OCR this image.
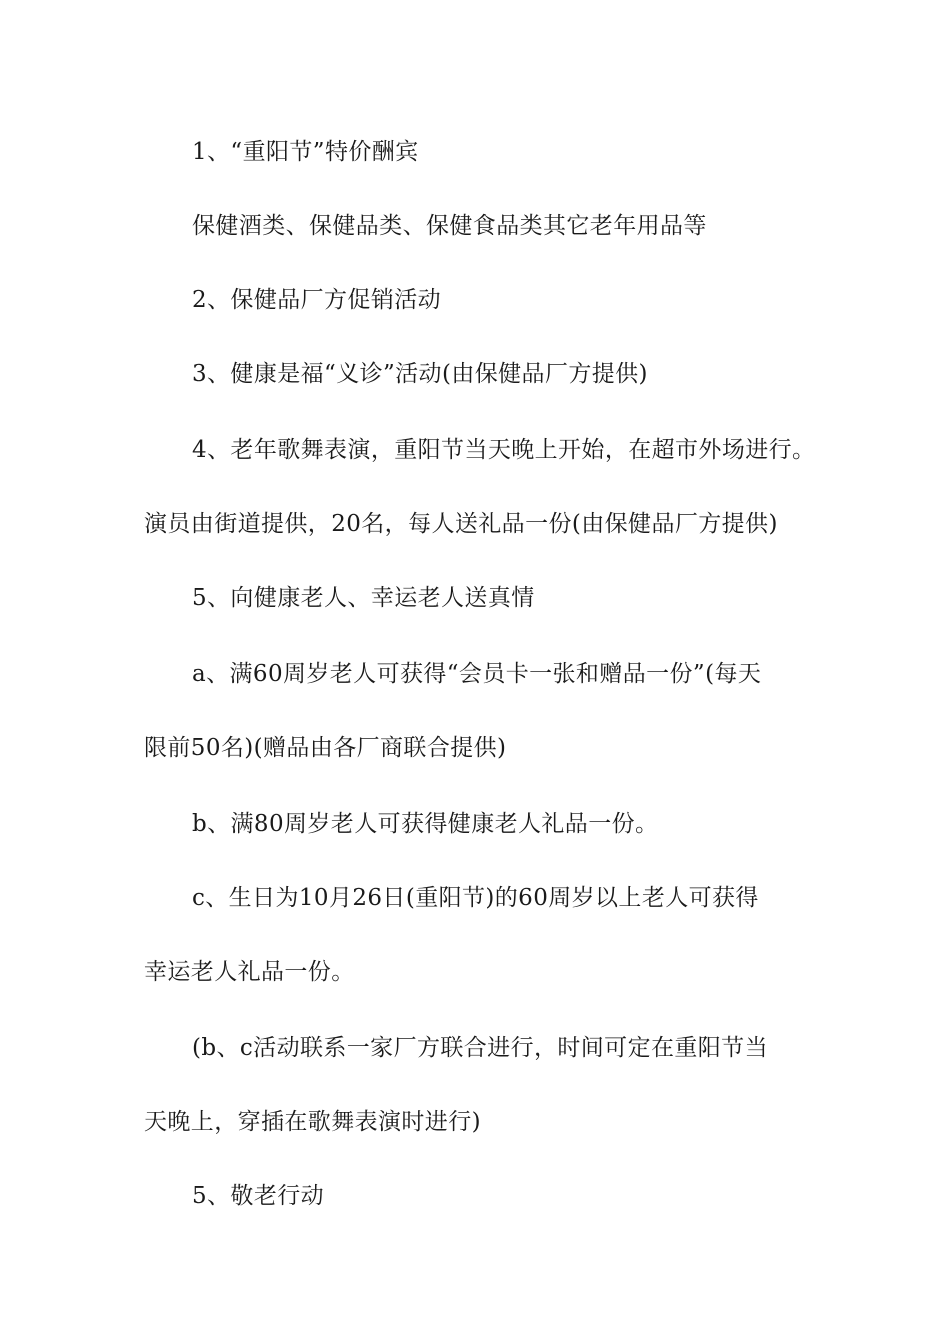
1、“重阳节”特价酬宾
保健酒类、保健品类、保健食品类其它老年用品等
2、保健品厂方促销活动
3、健康是福“义诊”活动(由保健品厂方提供)
4、老年歌舞表演，重阳节当天晚上开始，在超市外场进行。
演员由街道提供，20名，每人送礼品一份(由保健品厂方提供)
5、向健康老人、幸运老人送真情
a、满60周岁老人可获得“会员卡一张和赠品一份”(每天
限前50名)(赠品由各厂商联合提供)
b、满80周岁老人可获得健康老人礼品一份。
c、生日为10月26日(重阳节)的60周岁以上老人可获得
幸运老人礼品一份。
(b、c活动联系一家厂方联合进行，时间可定在重阳节当
天晚上，穿插在歌舞表演时进行)
5、敬老行动
